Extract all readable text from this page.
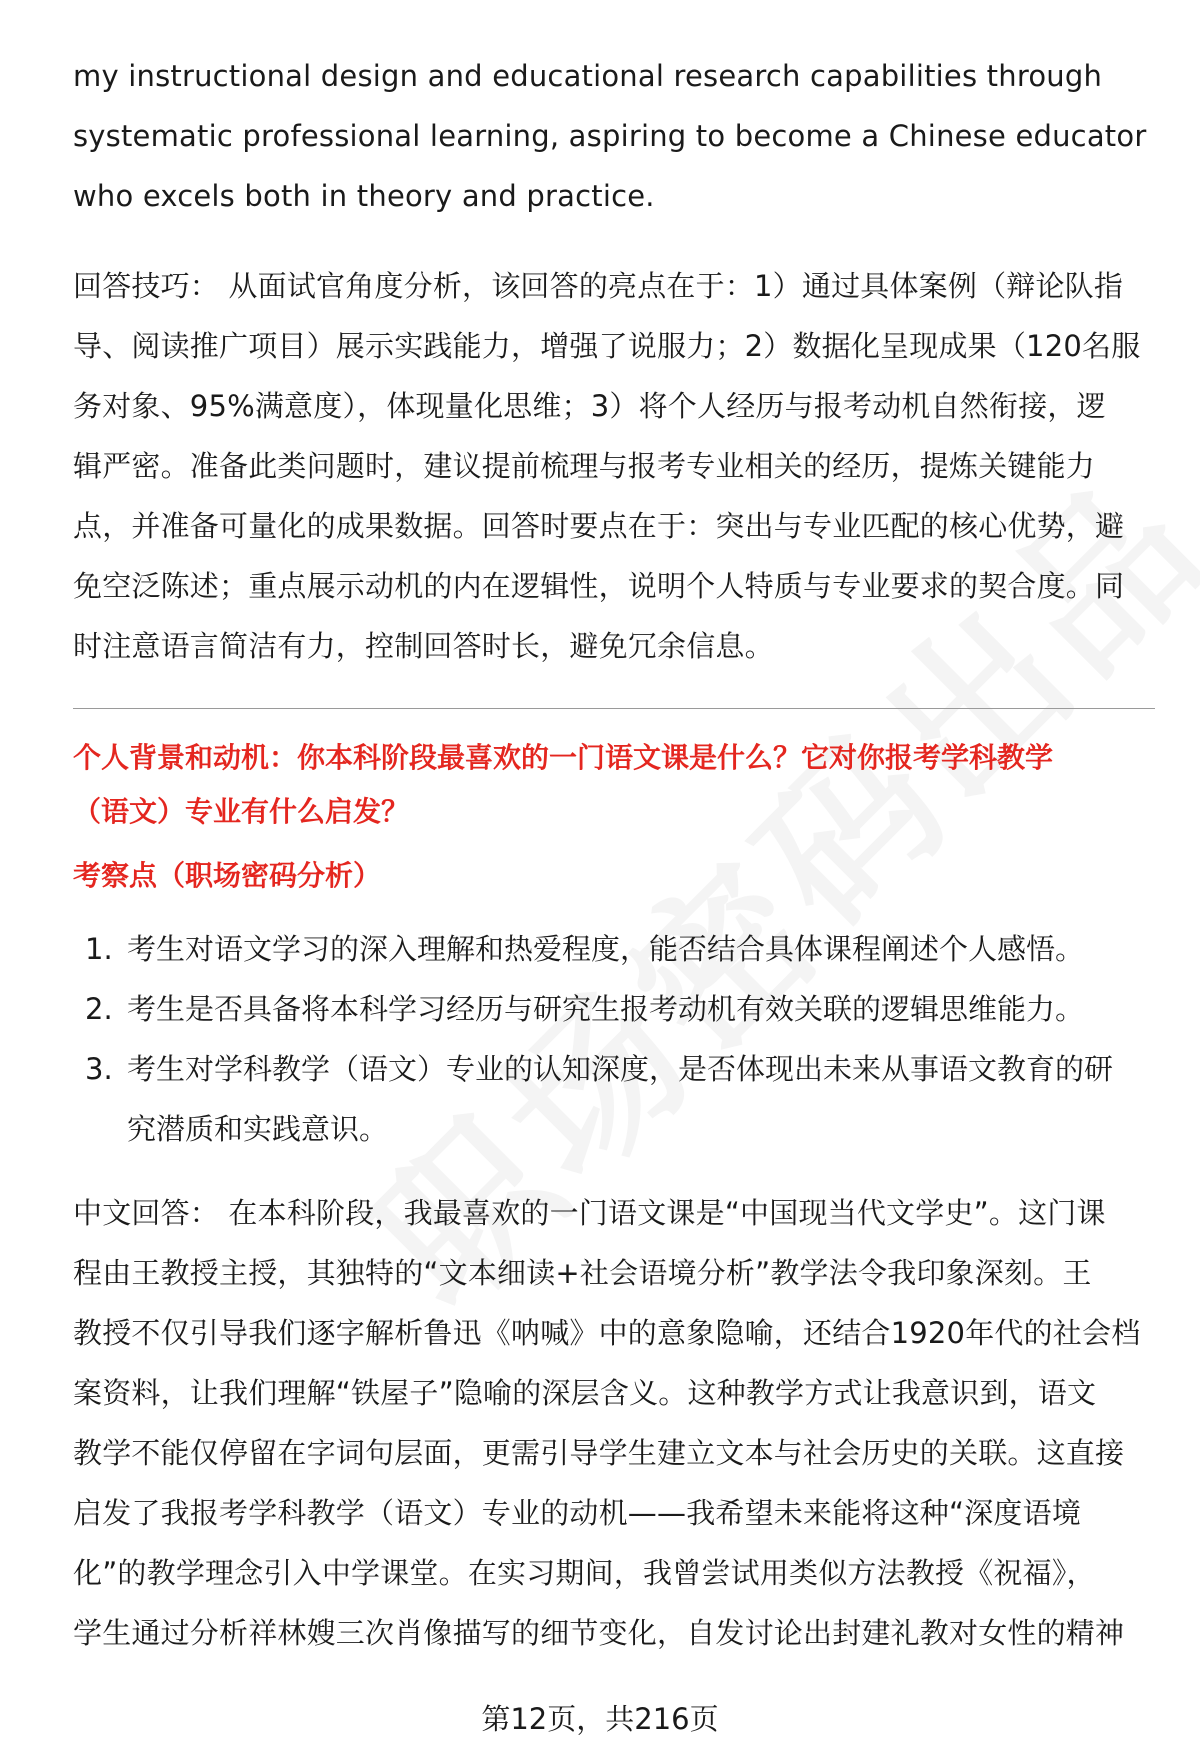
my instructional design and educational research capabilities through

systematic professional learning, aspiring to become a Chinese educator

who excels both in theory and practice.

回答技巧： 从面试官角度分析，该回答的亮点在于：1）通过具体案例（辩论队指

导、阅读推广项目）展示实践能力，增强了说服力；2）数据化呈现成果（120名服

务对象、95%满意度），体现量化思维；3）将个人经历与报考动机自然衔接，逻

辑严密。准备此类问题时，建议提前梳理与报考专业相关的经历，提炼关键能力

点，并准备可量化的成果数据。回答时要点在于：突出与专业匹配的核心优势，避

免空泛陈述；重点展示动机的内在逻辑性，说明个人特质与专业要求的契合度。同

时注意语言简洁有力，控制回答时长，避免冗余信息。

个人背景和动机：你本科阶段最喜欢的一门语文课是什么？它对你报考学科教学

（语文）专业有什么启发？

考察点（职场密码分析）

1. 考生对语文学习的深入理解和热爱程度，能否结合具体课程阐述个人感悟。
2. 考生是否具备将本科学习经历与研究生报考动机有效关联的逻辑思维能力。
3. 考生对学科教学（语文）专业的认知深度，是否体现出未来从事语文教育的研
究潜质和实践意识。

中文回答： 在本科阶段，我最喜欢的一门语文课是“中国现当代文学史”。这门课

程由王教授主授，其独特的“文本细读+社会语境分析”教学法令我印象深刻。王

教授不仅引导我们逐字解析鲁迅《呐喊》中的意象隐喻，还结合1920年代的社会档

案资料，让我们理解“铁屋子”隐喻的深层含义。这种教学方式让我意识到，语文

教学不能仅停留在字词句层面，更需引导学生建立文本与社会历史的关联。这直接

启发了我报考学科教学（语文）专业的动机——我希望未来能将这种“深度语境

化”的教学理念引入中学课堂。在实习期间，我曾尝试用类似方法教授《祝福》，

学生通过分析祥林嫂三次肖像描写的细节变化，自发讨论出封建礼教对女性的精神

第12页，共216页
